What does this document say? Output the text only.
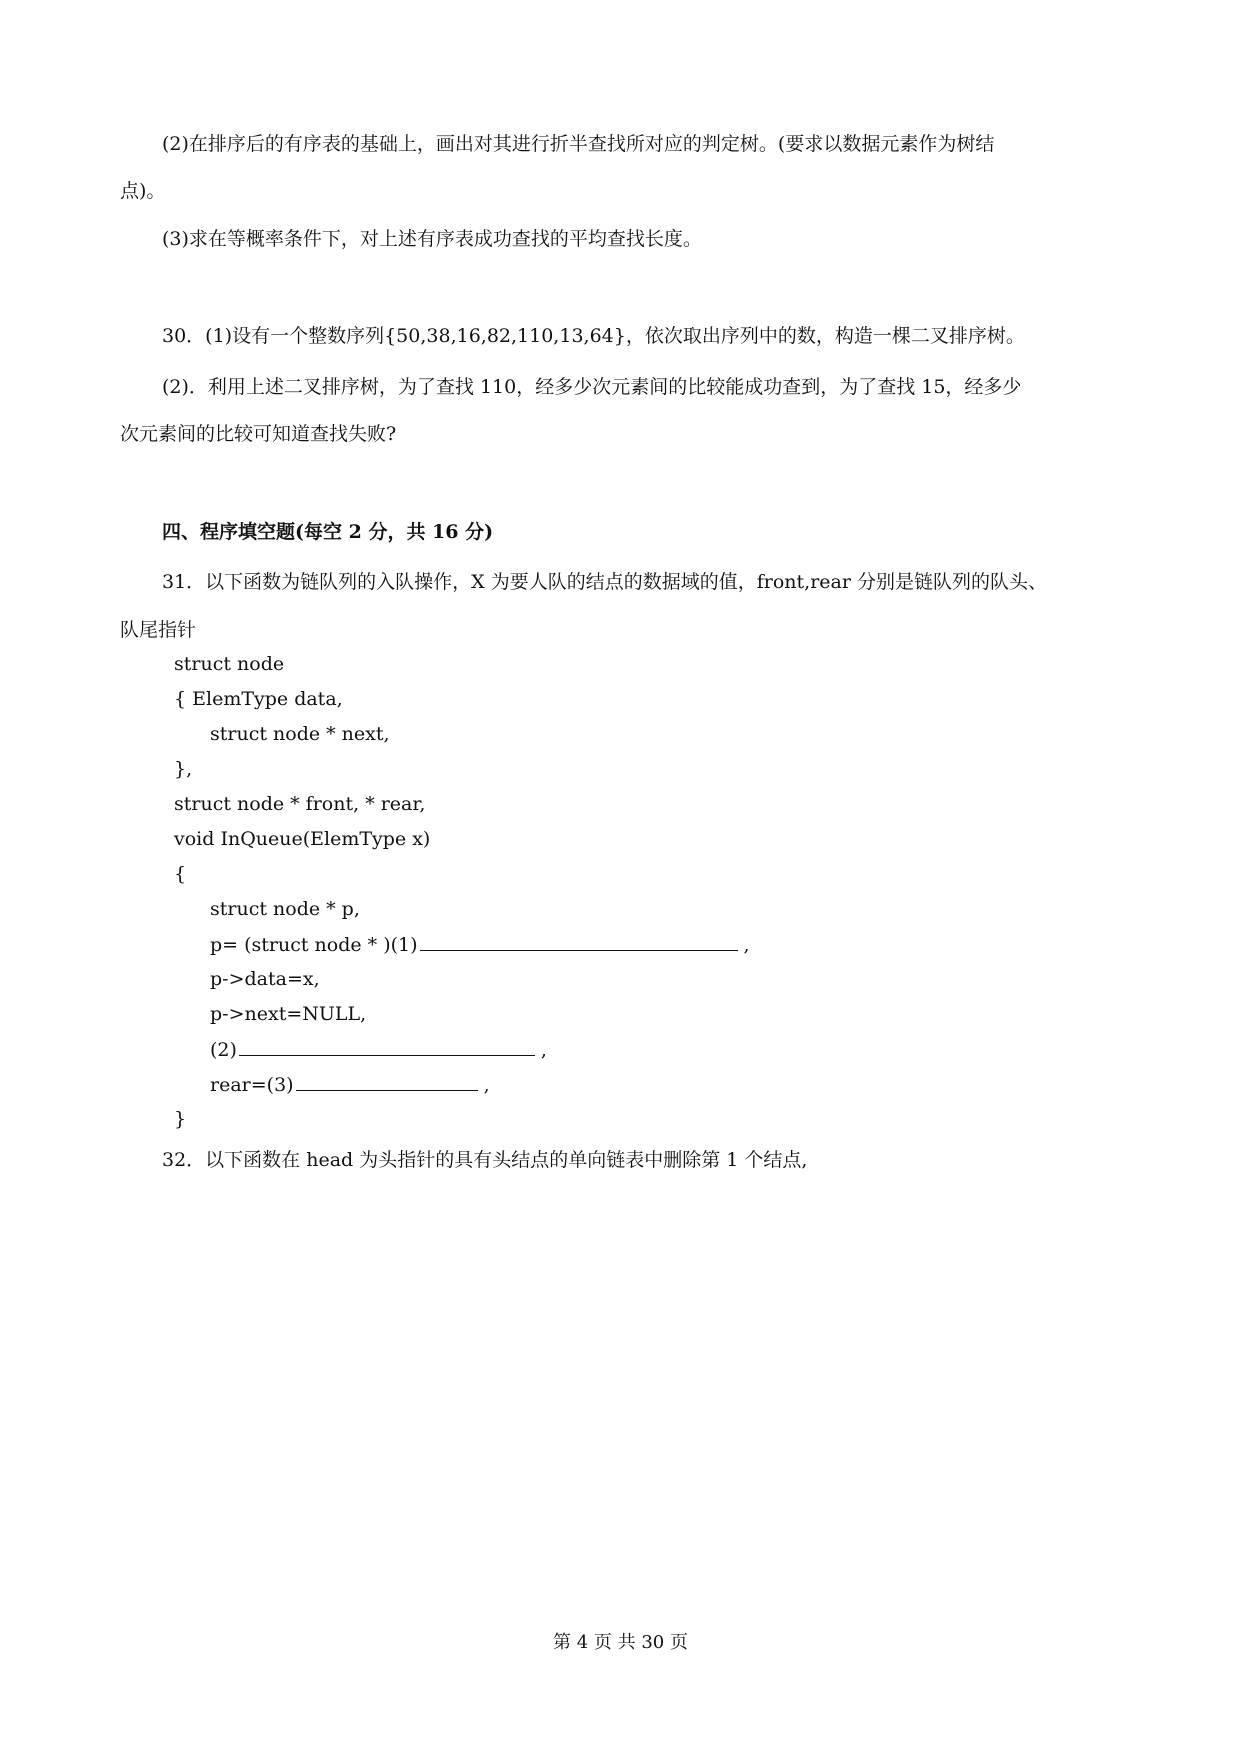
(2)在排序后的有序表的基础上，画出对其进行折半查找所对应的判定树。(要求以数据元素作为树结
点)。
(3)求在等概率条件下，对上述有序表成功查找的平均查找长度。
30．(1)设有一个整数序列{50,38,16,82,110,13,64}，依次取出序列中的数，构造一棵二叉排序树。
(2)．利用上述二叉排序树，为了查找 110，经多少次元素间的比较能成功查到，为了查找 15，经多少
次元素间的比较可知道查找失败?
四、程序填空题(每空 2 分，共 16 分)
31．以下函数为链队列的入队操作，X 为要人队的结点的数据域的值，front,rear 分别是链队列的队头、
队尾指针
struct node
{ ElemType data,
struct node * next,
},
struct node * front, * rear,
void InQueue(ElemType x)
{
struct node * p,
p= (struct node * )(1)	,
p->data=x,
p->next=NULL,
(2)	,
rear=(3)	,
}
32．以下函数在 head 为头指针的具有头结点的单向链表中删除第 1 个结点,
第 4 页 共 30 页
